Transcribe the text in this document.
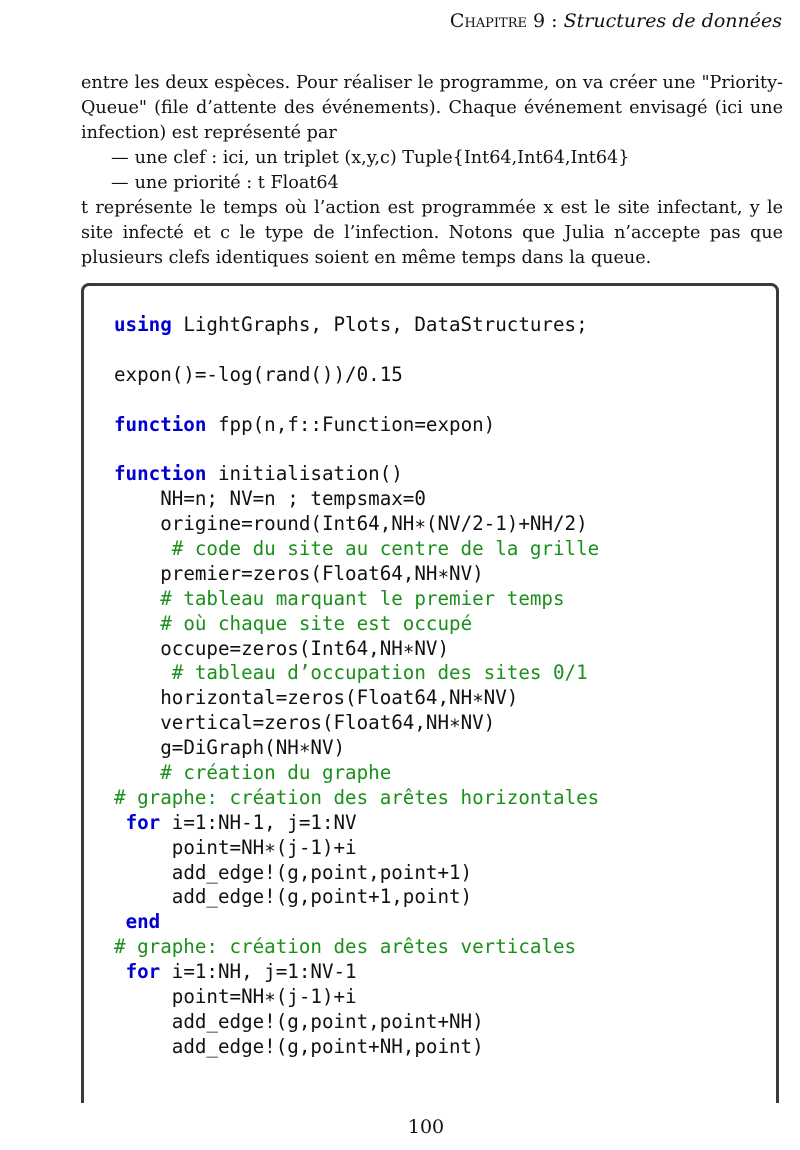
Chapitre 9 : Structures de données

entre les deux espèces. Pour réaliser le programme, on va créer une "Priority-Queue" (file d’attente des événements). Chaque événement envisagé (ici une infection) est représenté par

— une clef : ici, un triplet (x,y,c) Tuple{Int64,Int64,Int64}
— une priorité : t Float64

t représente le temps où l’action est programmée x est le site infectant, y le site infecté et c le type de l’infection. Notons que Julia n’accepte pas que plusieurs clefs identiques soient en même temps dans la queue.

using LightGraphs, Plots, DataStructures;
expon()=-log(rand())/0.15
function fpp(n,f::Function=expon)
function initialisation()
NH=n; NV=n ; tempsmax=0
origine=round(Int64,NH∗(NV/2-1)+NH/2)
# code du site au centre de la grille
premier=zeros(Float64,NH∗NV)
# tableau marquant le premier temps
# où chaque site est occupé
occupe=zeros(Int64,NH∗NV)
# tableau d’occupation des sites 0/1
horizontal=zeros(Float64,NH∗NV)
vertical=zeros(Float64,NH∗NV)
g=DiGraph(NH∗NV)
# création du graphe
# graphe: création des arêtes horizontales
for i=1:NH-1, j=1:NV
point=NH∗(j-1)+i
add_edge!(g,point,point+1)
add_edge!(g,point+1,point)
end
# graphe: création des arêtes verticales
for i=1:NH, j=1:NV-1
point=NH∗(j-1)+i
add_edge!(g,point,point+NH)
add_edge!(g,point+NH,point)
100
